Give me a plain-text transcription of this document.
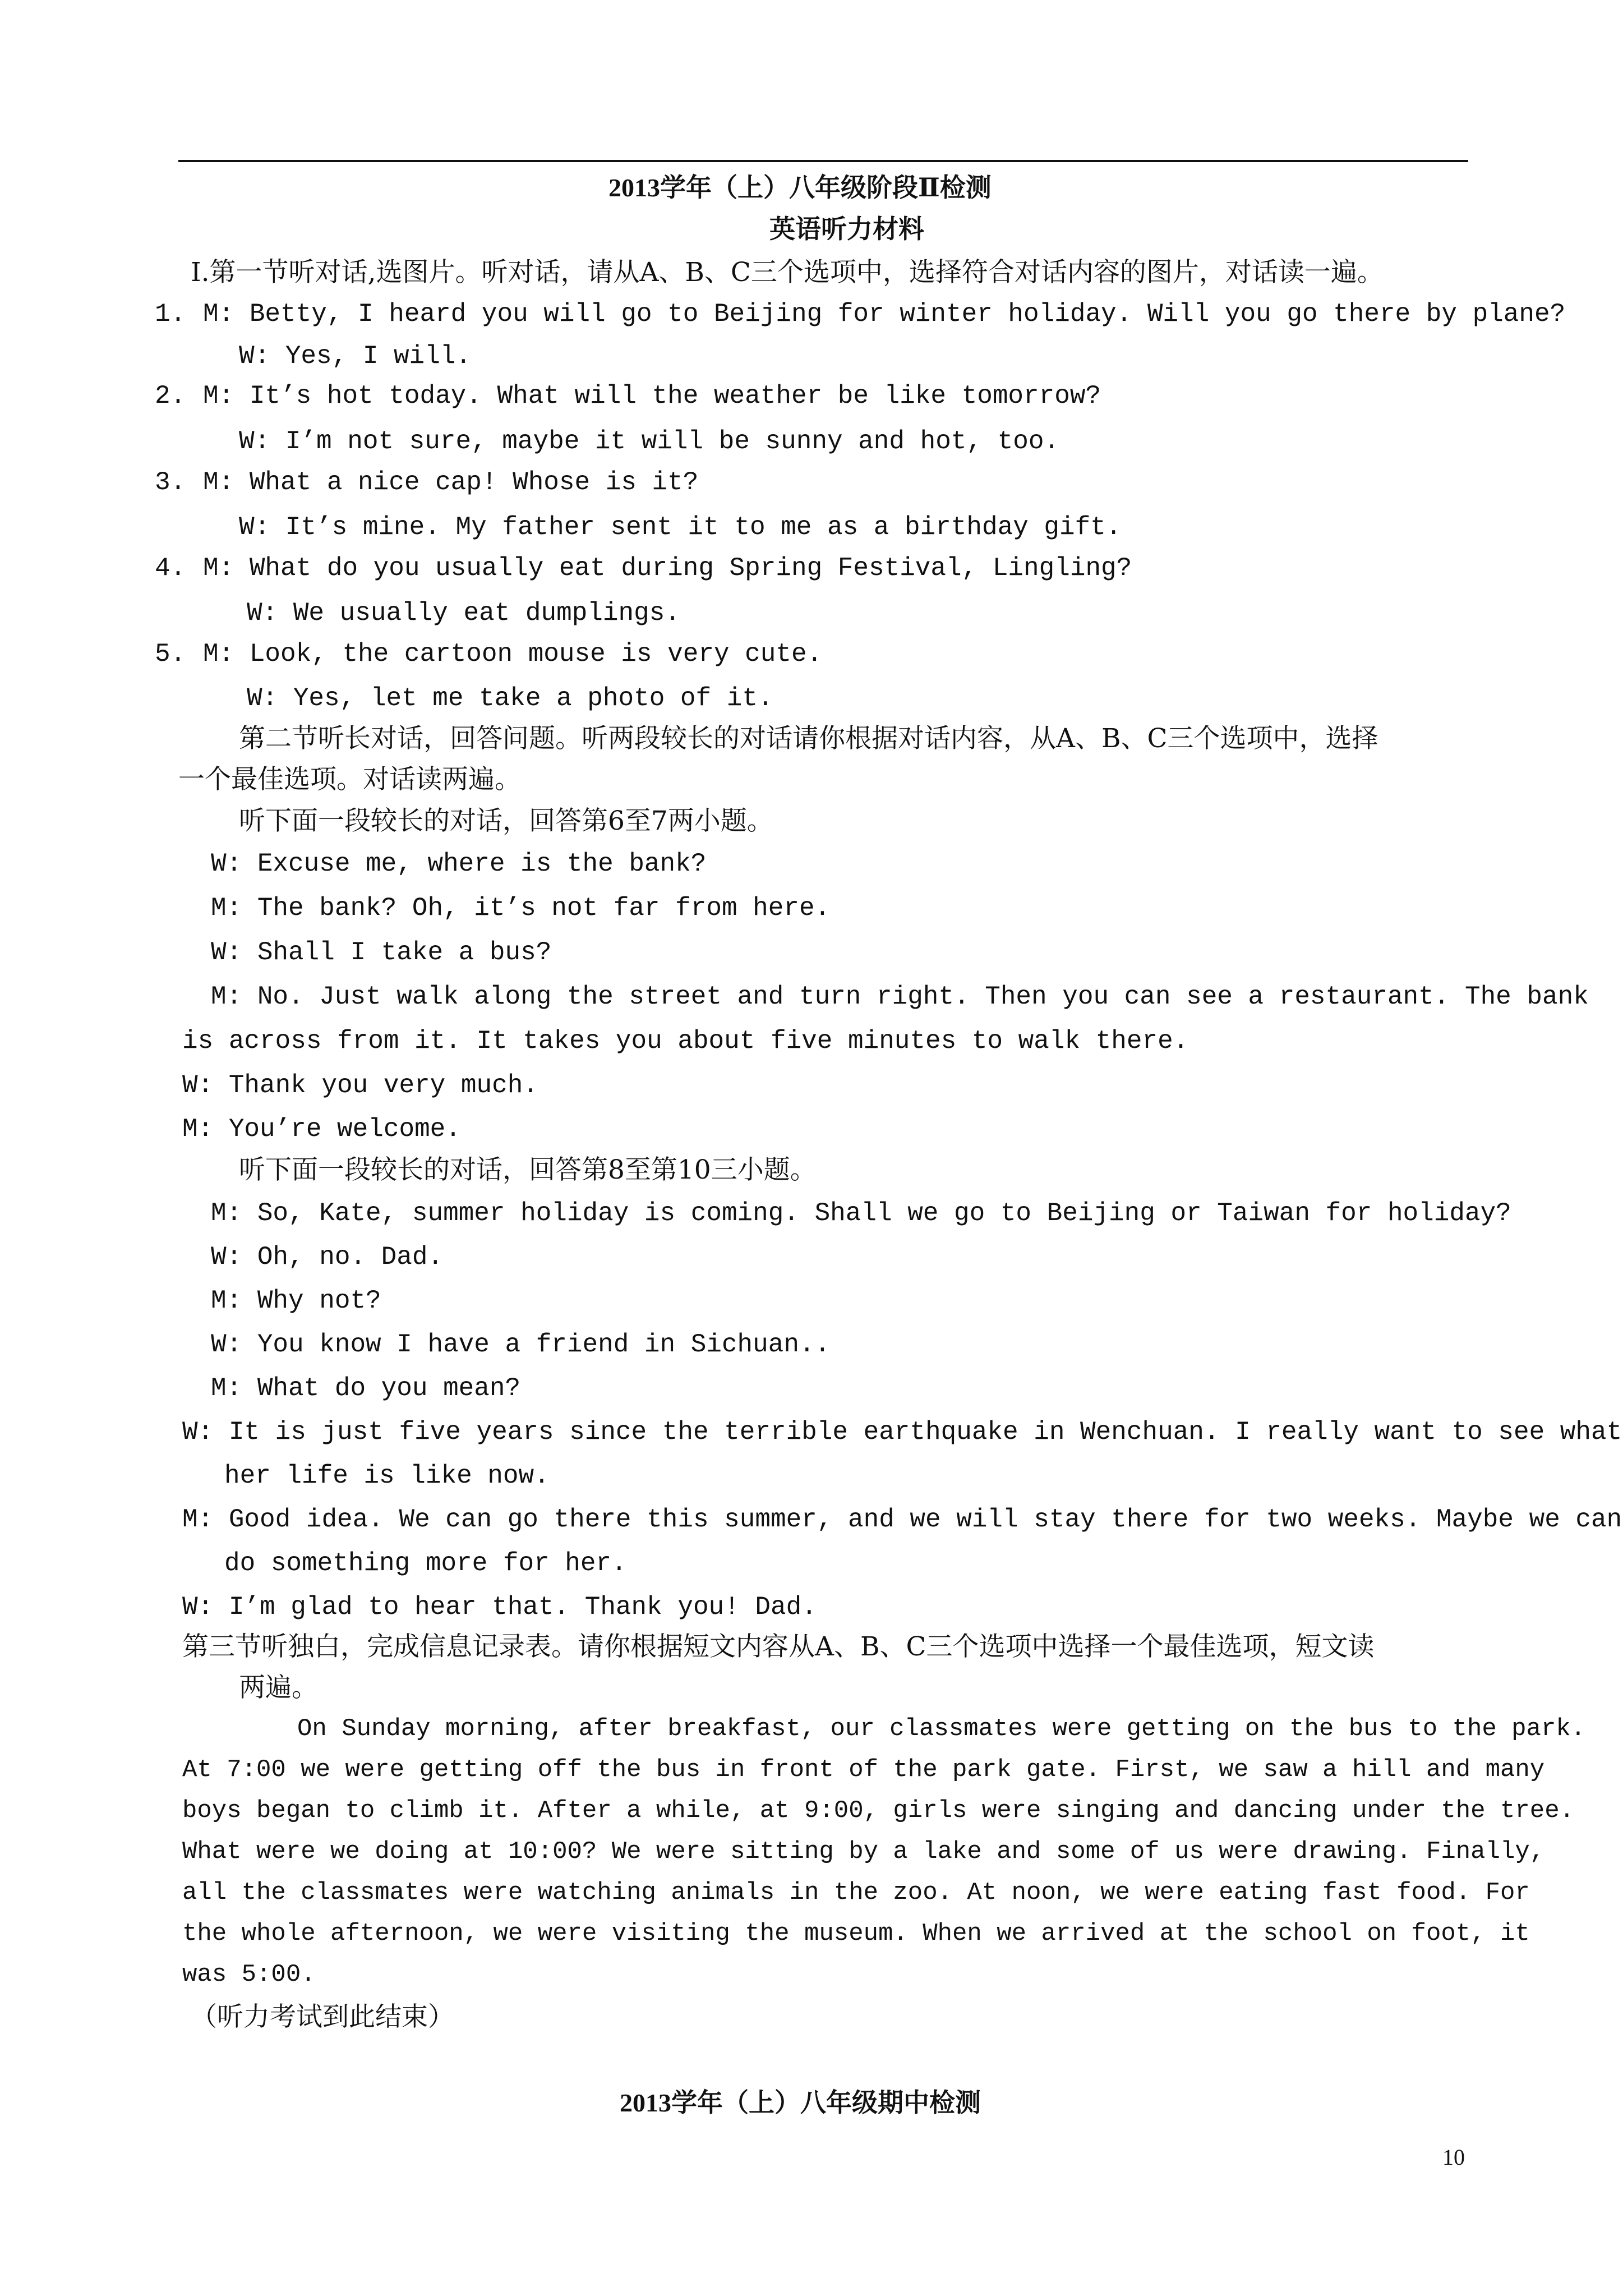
2013学年（上）八年级阶段Ⅱ检测
英语听力材料
Ⅰ.第一节听对话,选图片。听对话，请从A、B、C三个选项中，选择符合对话内容的图片，对话读一遍。
1. M: Betty, I heard you will go to Beijing for winter holiday. Will you go there by plane?
W: Yes, I will.
2. M: It’s hot today. What will the weather be like tomorrow?
W: I’m not sure, maybe it will be sunny and hot, too.
3. M: What a nice cap! Whose is it?
W: It’s mine. My father sent it to me as a birthday gift.
4. M: What do you usually eat during Spring Festival, Lingling?
W: We usually eat dumplings.
5. M: Look, the cartoon mouse is very cute.
W: Yes, let me take a photo of it.
第二节听长对话，回答问题。听两段较长的对话请你根据对话内容，从A、B、C三个选项中，选择
一个最佳选项。对话读两遍。
听下面一段较长的对话，回答第6至7两小题。
W: Excuse me, where is the bank?
M: The bank? Oh, it’s not far from here.
W: Shall I take a bus?
M: No. Just walk along the street and turn right. Then you can see a restaurant. The bank
is across from it. It takes you about five minutes to walk there.
W: Thank you very much.
M: You’re welcome.
听下面一段较长的对话，回答第8至第10三小题。
M: So, Kate, summer holiday is coming. Shall we go to Beijing or Taiwan for holiday?
W: Oh, no. Dad.
M: Why not?
W: You know I have a friend in Sichuan..
M: What do you mean?
W: It is just five years since the terrible earthquake in Wenchuan. I really want to see what
her life is like now.
M: Good idea. We can go there this summer, and we will stay there for two weeks. Maybe we can
do something more for her.
W: I’m glad to hear that. Thank you! Dad.
第三节听独白，完成信息记录表。请你根据短文内容从A、B、C三个选项中选择一个最佳选项，短文读
两遍。
On Sunday morning, after breakfast, our classmates were getting on the bus to the park.
At 7:00 we were getting off the bus in front of the park gate. First, we saw a hill and many
boys began to climb it. After a while, at 9:00, girls were singing and dancing under the tree.
What were we doing at 10:00? We were sitting by a lake and some of us were drawing. Finally,
all the classmates were watching animals in the zoo. At noon, we were eating fast food. For
the whole afternoon, we were visiting the museum. When we arrived at the school on foot, it
was 5:00.
（听力考试到此结束）
2013学年（上）八年级期中检测
10
